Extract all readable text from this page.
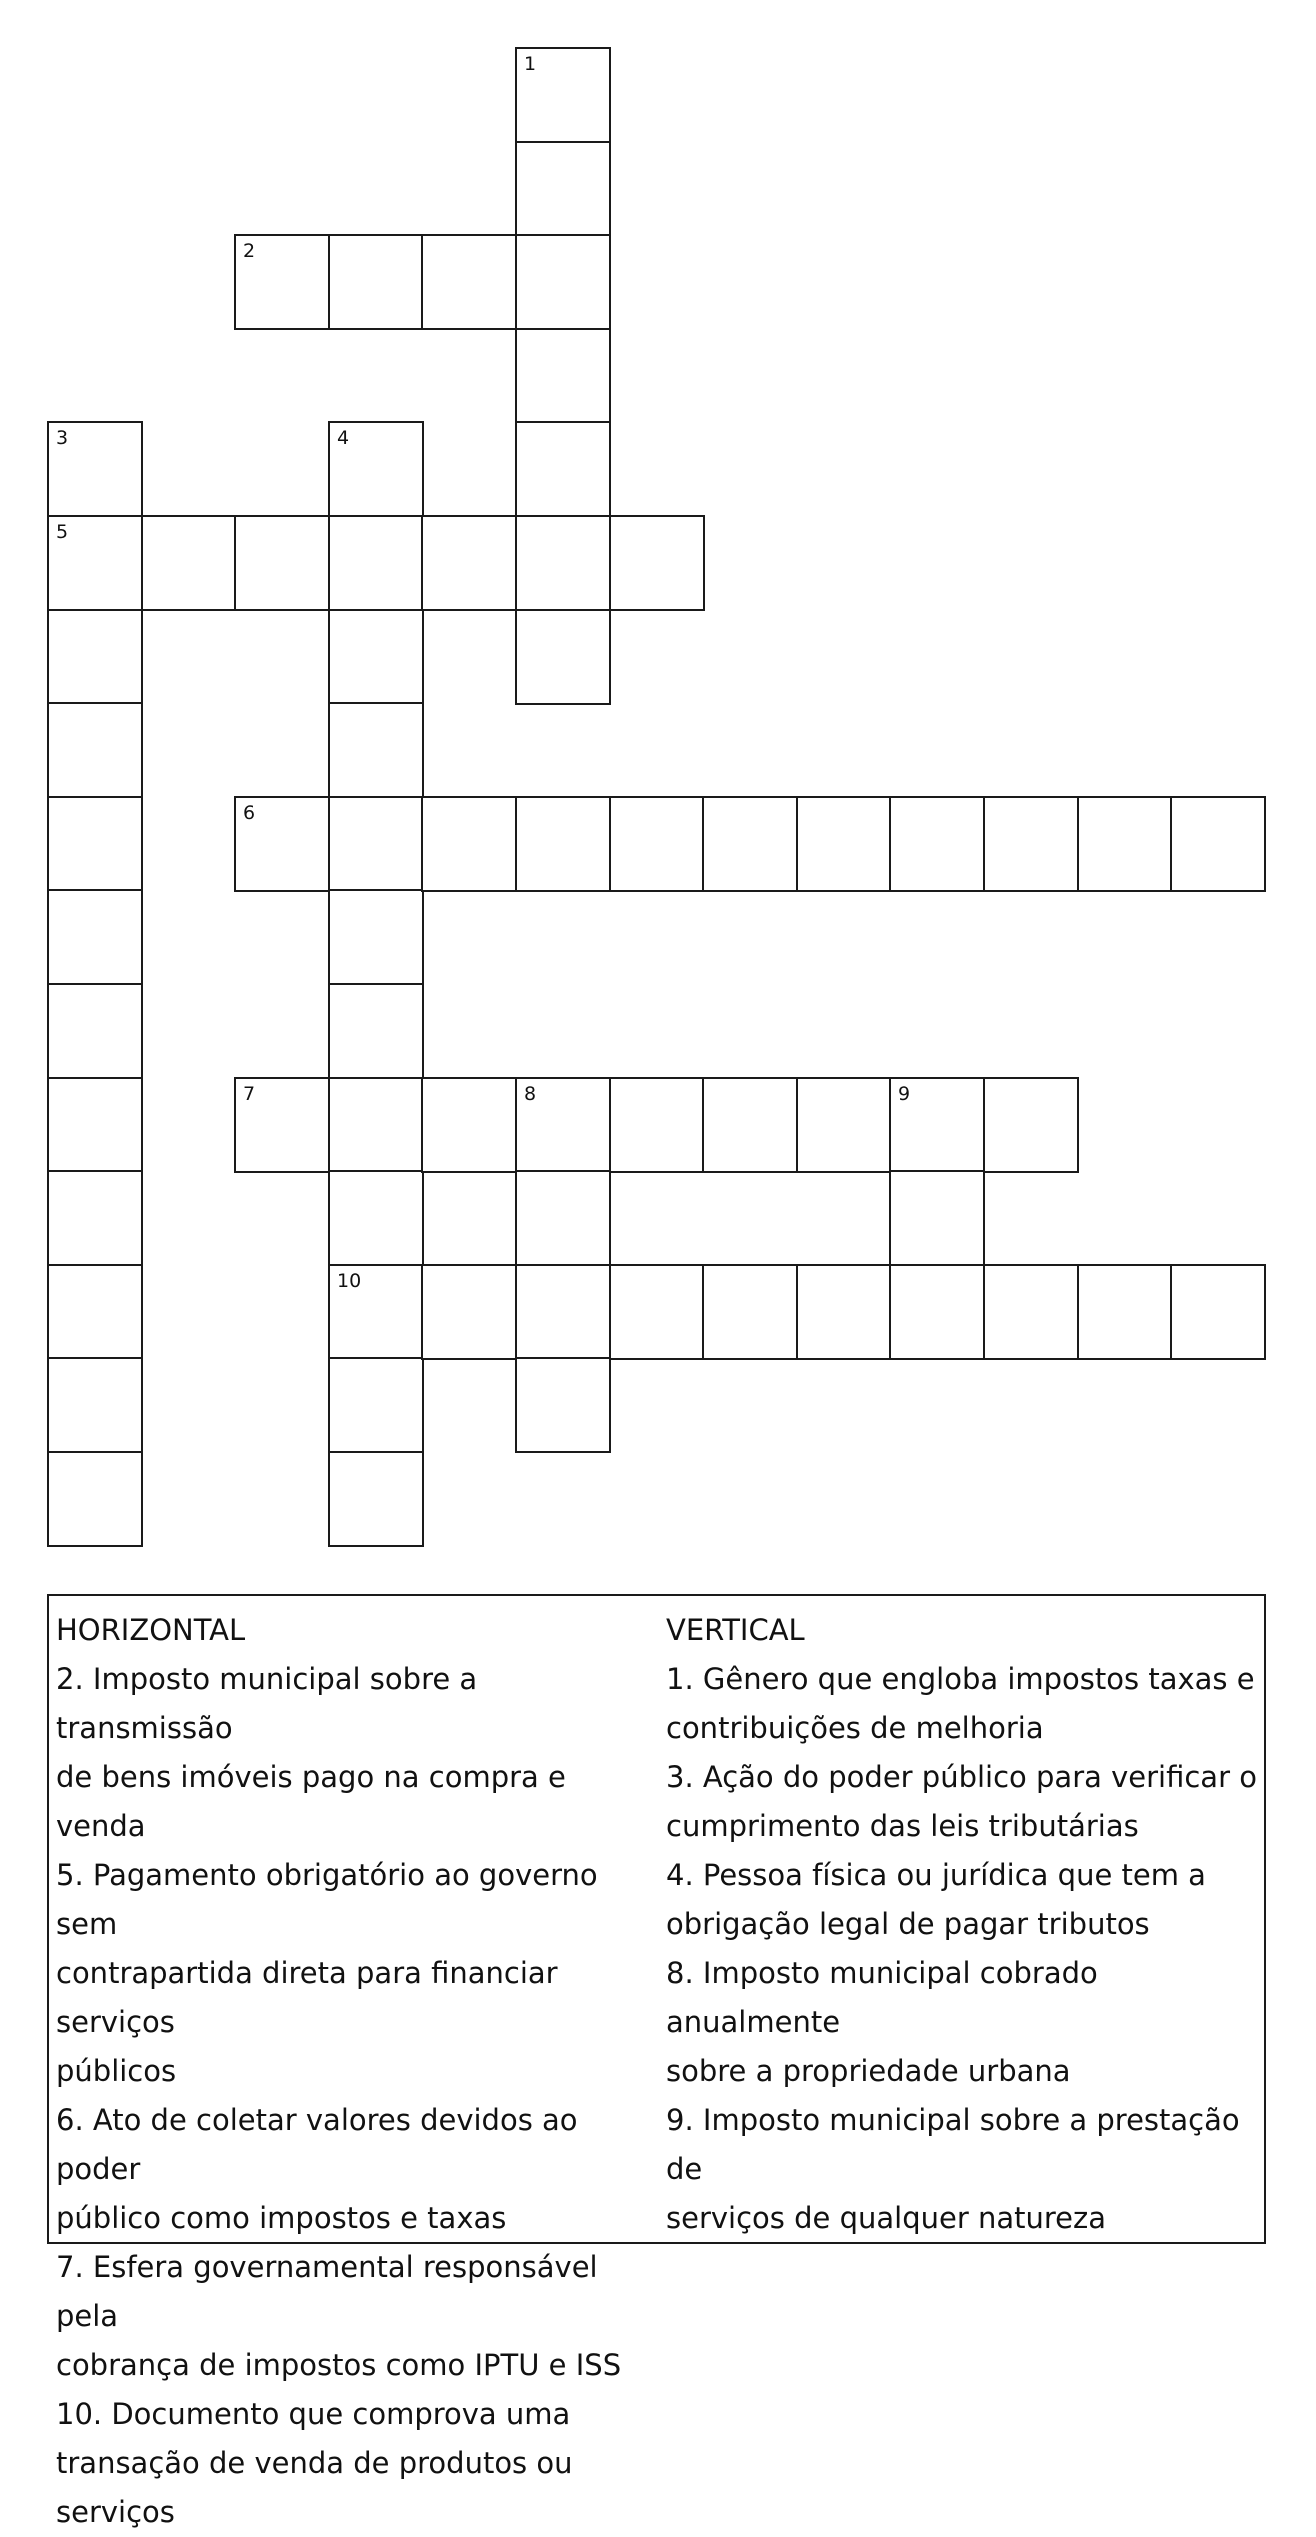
1
2
3
5
4
10
6
7	8	9
HORIZONTAL
2. Imposto municipal sobre a transmissão
de bens imóveis pago na compra e venda
5. Pagamento obrigatório ao governo sem
contrapartida direta para financiar serviços
públicos
6. Ato de coletar valores devidos ao poder
público como impostos e taxas
7. Esfera governamental responsável pela
cobrança de impostos como IPTU e ISS
10. Documento que comprova uma
transação de venda de produtos ou serviços
VERTICAL
1. Gênero que engloba impostos taxas e
contribuições de melhoria
3. Ação do poder público para verificar o
cumprimento das leis tributárias
4. Pessoa física ou jurídica que tem a
obrigação legal de pagar tributos
8. Imposto municipal cobrado anualmente
sobre a propriedade urbana
9. Imposto municipal sobre a prestação de
serviços de qualquer natureza
